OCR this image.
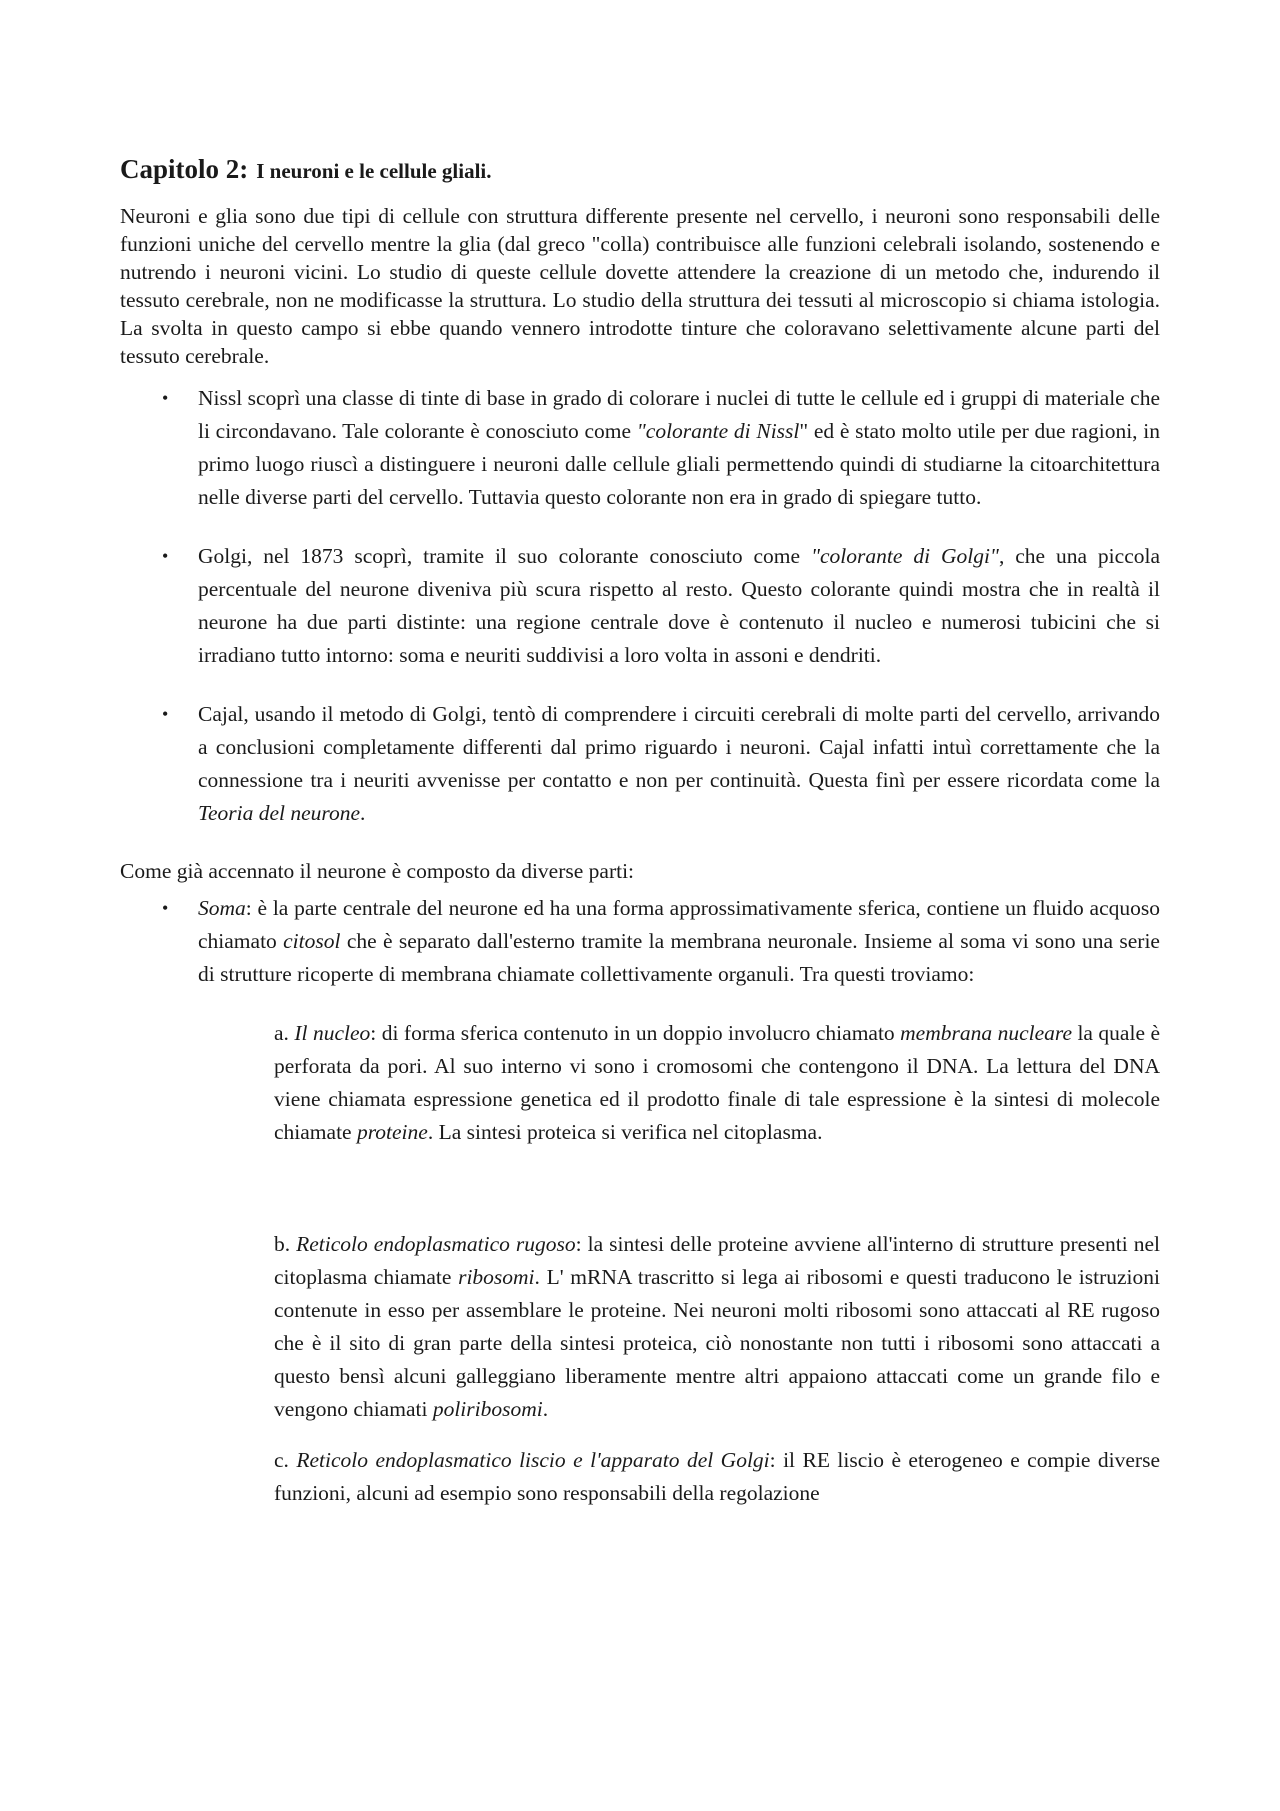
Capitolo 2: I neuroni e le cellule gliali.

Neuroni e glia sono due tipi di cellule con struttura differente presente nel cervello, i neuroni sono responsabili delle funzioni uniche del cervello mentre la glia (dal greco "colla) contribuisce alle funzioni celebrali isolando, sostenendo e nutrendo i neuroni vicini. Lo studio di queste cellule dovette attendere la creazione di un metodo che, indurendo il tessuto cerebrale, non ne modificasse la struttura. Lo studio della struttura dei tessuti al microscopio si chiama istologia. La svolta in questo campo si ebbe quando vennero introdotte tinture che coloravano selettivamente alcune parti del tessuto cerebrale.

• Nissl scoprì una classe di tinte di base in grado di colorare i nuclei di tutte le cellule ed i gruppi di materiale che li circondavano. Tale colorante è conosciuto come "colorante di Nissl" ed è stato molto utile per due ragioni, in primo luogo riuscì a distinguere i neuroni dalle cellule gliali permettendo quindi di studiarne la citoarchitettura nelle diverse parti del cervello. Tuttavia questo colorante non era in grado di spiegare tutto.

• Golgi, nel 1873 scoprì, tramite il suo colorante conosciuto come "colorante di Golgi", che una piccola percentuale del neurone diveniva più scura rispetto al resto. Questo colorante quindi mostra che in realtà il neurone ha due parti distinte: una regione centrale dove è contenuto il nucleo e numerosi tubicini che si irradiano tutto intorno: soma e neuriti suddivisi a loro volta in assoni e dendriti.

• Cajal, usando il metodo di Golgi, tentò di comprendere i circuiti cerebrali di molte parti del cervello, arrivando a conclusioni completamente differenti dal primo riguardo i neuroni. Cajal infatti intuì correttamente che la connessione tra i neuriti avvenisse per contatto e non per continuità. Questa finì per essere ricordata come la Teoria del neurone.

Come già accennato il neurone è composto da diverse parti:

• Soma: è la parte centrale del neurone ed ha una forma approssimativamente sferica, contiene un fluido acquoso chiamato citosol che è separato dall'esterno tramite la membrana neuronale. Insieme al soma vi sono una serie di strutture ricoperte di membrana chiamate collettivamente organuli. Tra questi troviamo:

a. Il nucleo: di forma sferica contenuto in un doppio involucro chiamato membrana nucleare la quale è perforata da pori. Al suo interno vi sono i cromosomi che contengono il DNA. La lettura del DNA viene chiamata espressione genetica ed il prodotto finale di tale espressione è la sintesi di molecole chiamate proteine. La sintesi proteica si verifica nel citoplasma.

b. Reticolo endoplasmatico rugoso: la sintesi delle proteine avviene all'interno di strutture presenti nel citoplasma chiamate ribosomi. L' mRNA trascritto si lega ai ribosomi e questi traducono le istruzioni contenute in esso per assemblare le proteine. Nei neuroni molti ribosomi sono attaccati al RE rugoso che è il sito di gran parte della sintesi proteica, ciò nonostante non tutti i ribosomi sono attaccati a questo bensì alcuni galleggiano liberamente mentre altri appaiono attaccati come un grande filo e vengono chiamati poliribosomi.

c. Reticolo endoplasmatico liscio e l'apparato del Golgi: il RE liscio è eterogeneo e compie diverse funzioni, alcuni ad esempio sono responsabili della regolazione
